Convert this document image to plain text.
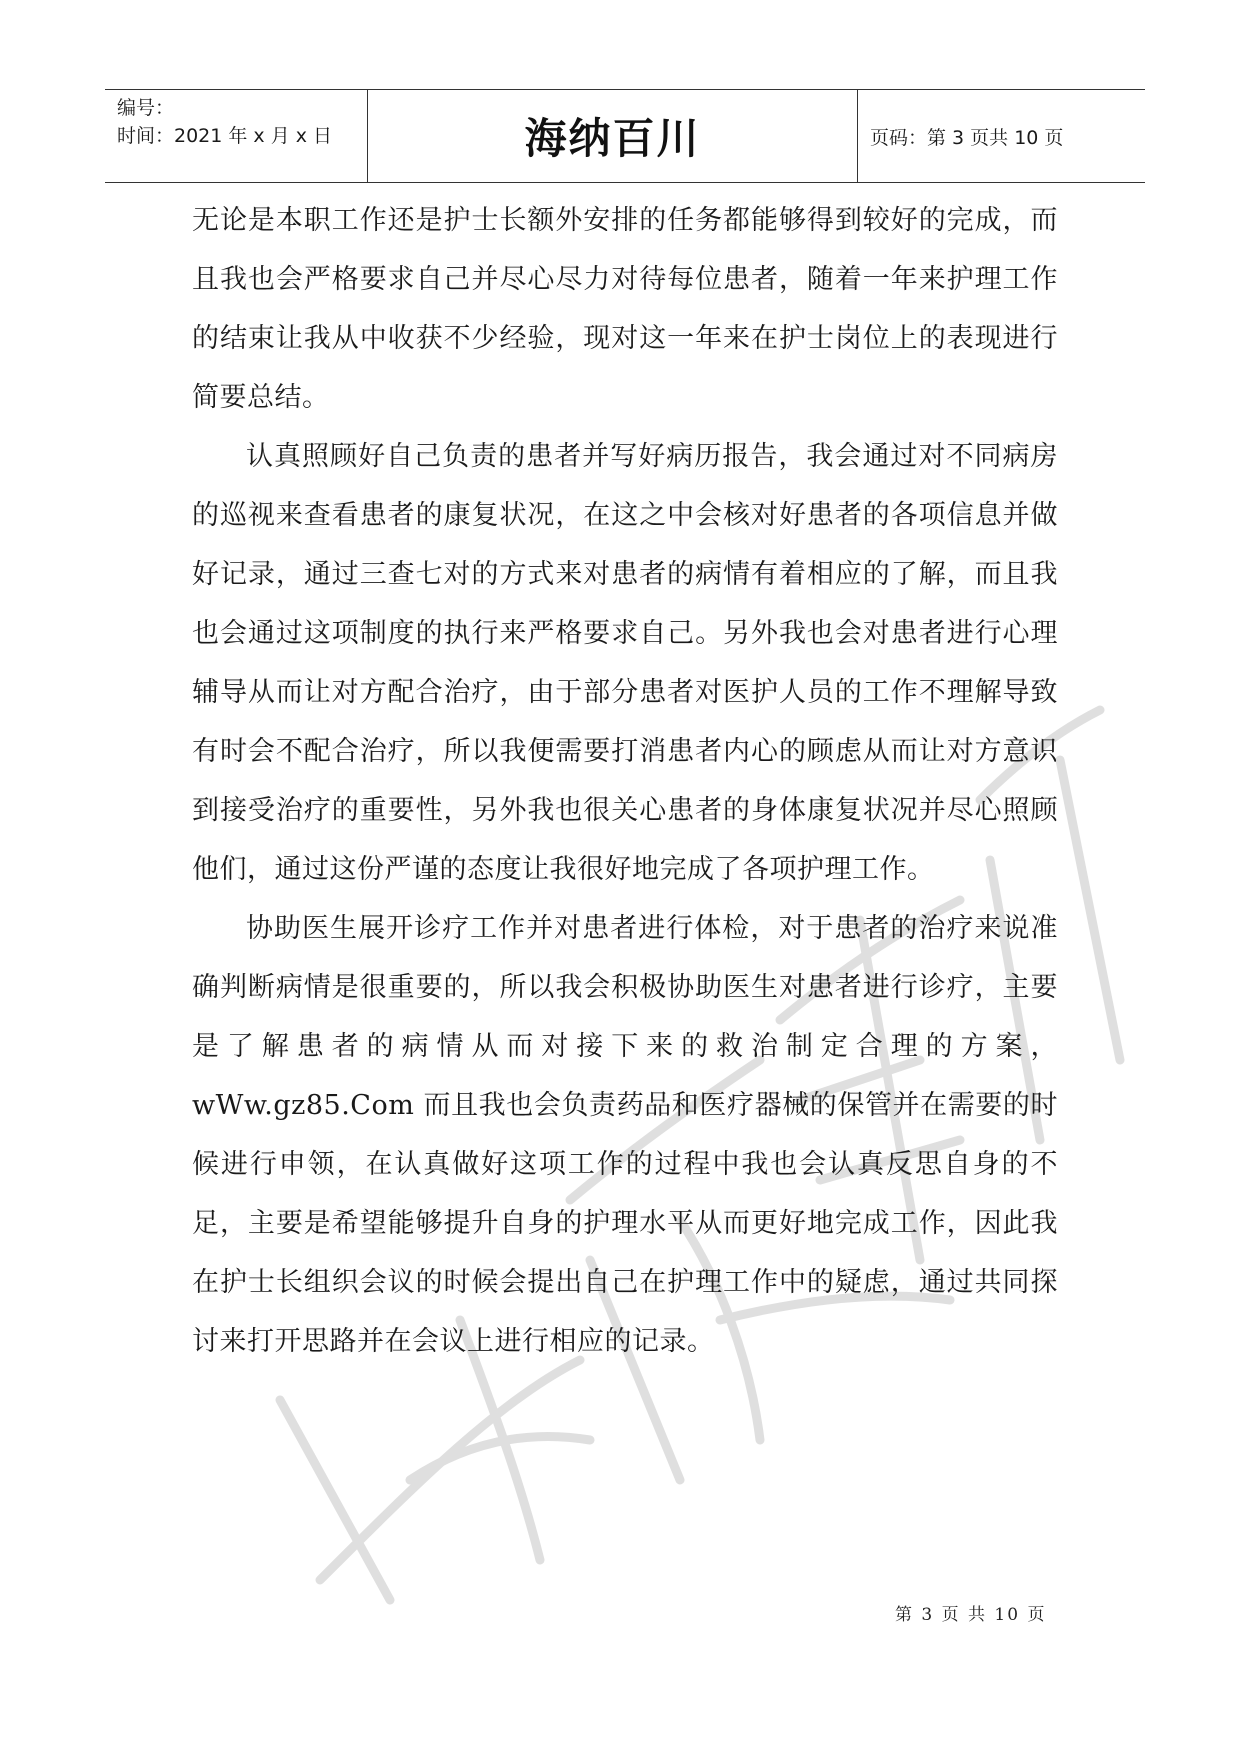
编号：
时间：2021 年 x 月 x 日	海纳百川	页码：第 3 页共 10 页

无论是本职工作还是护士长额外安排的任务都能够得到较好的完成，而且我也会严格要求自己并尽心尽力对待每位患者，随着一年来护理工作的结束让我从中收获不少经验，现对这一年来在护士岗位上的表现进行简要总结。

认真照顾好自己负责的患者并写好病历报告，我会通过对不同病房的巡视来查看患者的康复状况，在这之中会核对好患者的各项信息并做好记录，通过三查七对的方式来对患者的病情有着相应的了解，而且我也会通过这项制度的执行来严格要求自己。另外我也会对患者进行心理辅导从而让对方配合治疗，由于部分患者对医护人员的工作不理解导致有时会不配合治疗，所以我便需要打消患者内心的顾虑从而让对方意识到接受治疗的重要性，另外我也很关心患者的身体康复状况并尽心照顾他们，通过这份严谨的态度让我很好地完成了各项护理工作。

协助医生展开诊疗工作并对患者进行体检，对于患者的治疗来说准确判断病情是很重要的，所以我会积极协助医生对患者进行诊疗，主要是了解患者的病情从而对接下来的救治制定合理的方案，wWw.gz85.Com 而且我也会负责药品和医疗器械的保管并在需要的时候进行申领，在认真做好这项工作的过程中我也会认真反思自身的不足，主要是希望能够提升自身的护理水平从而更好地完成工作，因此我在护士长组织会议的时候会提出自己在护理工作中的疑虑，通过共同探讨来打开思路并在会议上进行相应的记录。

第 3 页 共 10 页
